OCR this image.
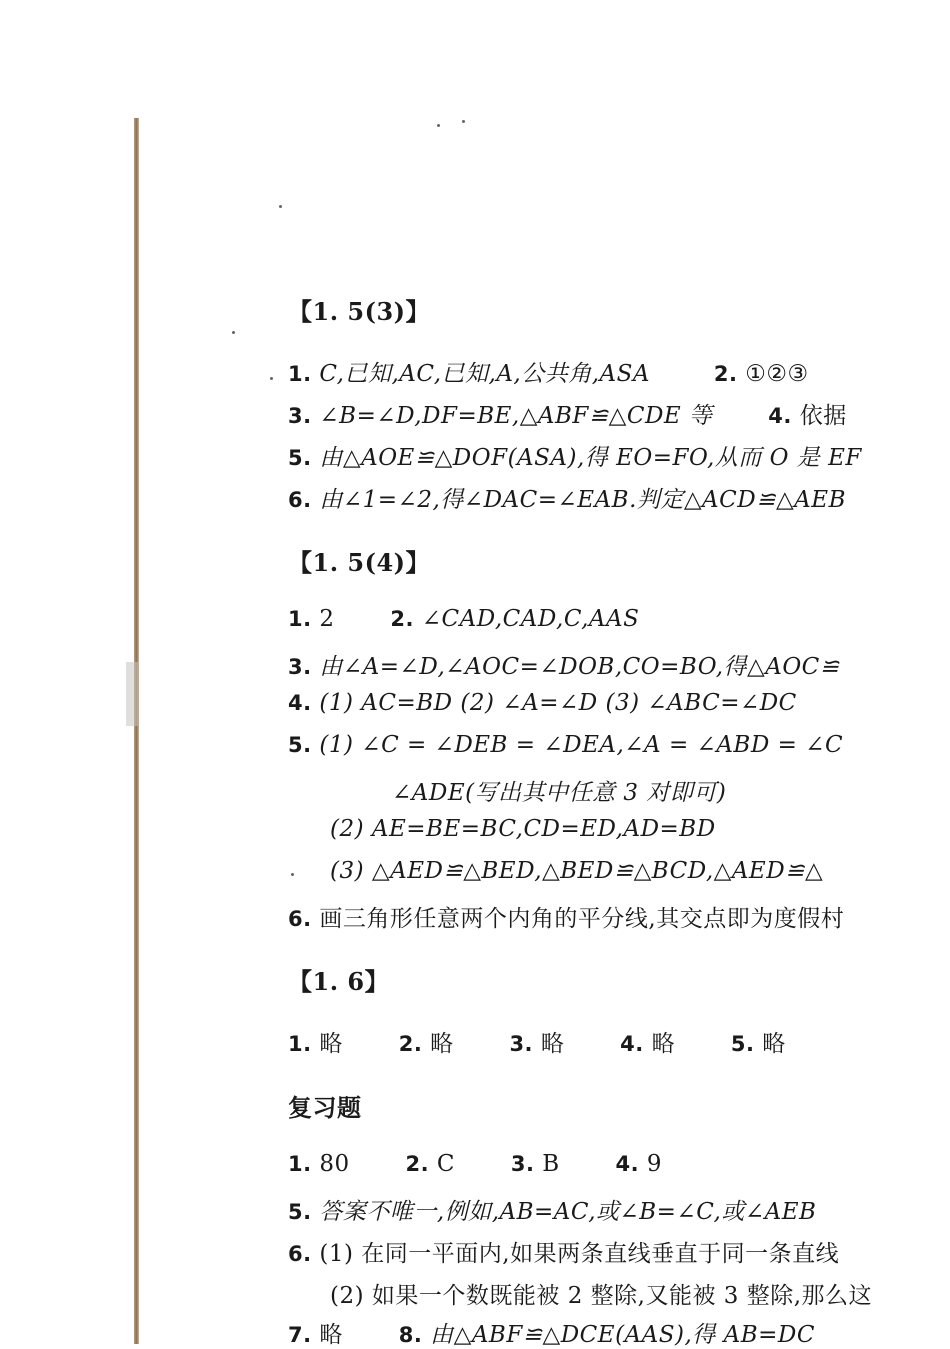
【1. 5(3)】
1. C,已知,AC,已知,A,公共角,ASA	2. ①②③
3. ∠B=∠D,DF=BE,△ABF≌△CDE 等	4. 依据
5. 由△AOE≌△DOF(ASA),得 EO=FO,从而 O 是 EF
6. 由∠1=∠2,得∠DAC=∠EAB.判定△ACD≌△AEB
【1. 5(4)】
1. 2	2. ∠CAD,CAD,C,AAS
3. 由∠A=∠D,∠AOC=∠DOB,CO=BO,得△AOC≌
4. (1) AC=BD (2) ∠A=∠D (3) ∠ABC=∠DC
5. (1) ∠C = ∠DEB = ∠DEA,∠A = ∠ABD = ∠C
∠ADE(写出其中任意 3 对即可)
(2) AE=BE=BC,CD=ED,AD=BD
(3) △AED≌△BED,△BED≌△BCD,△AED≌△
6. 画三角形任意两个内角的平分线,其交点即为度假村
【1. 6】
1. 略	2. 略	3. 略	4. 略	5. 略
复习题
1. 80	2. C	3. B	4. 9
5. 答案不唯一,例如,AB=AC,或∠B=∠C,或∠AEB
6. (1) 在同一平面内,如果两条直线垂直于同一条直线
(2) 如果一个数既能被 2 整除,又能被 3 整除,那么这
7. 略	8. 由△ABF≌△DCE(AAS),得 AB=DC
